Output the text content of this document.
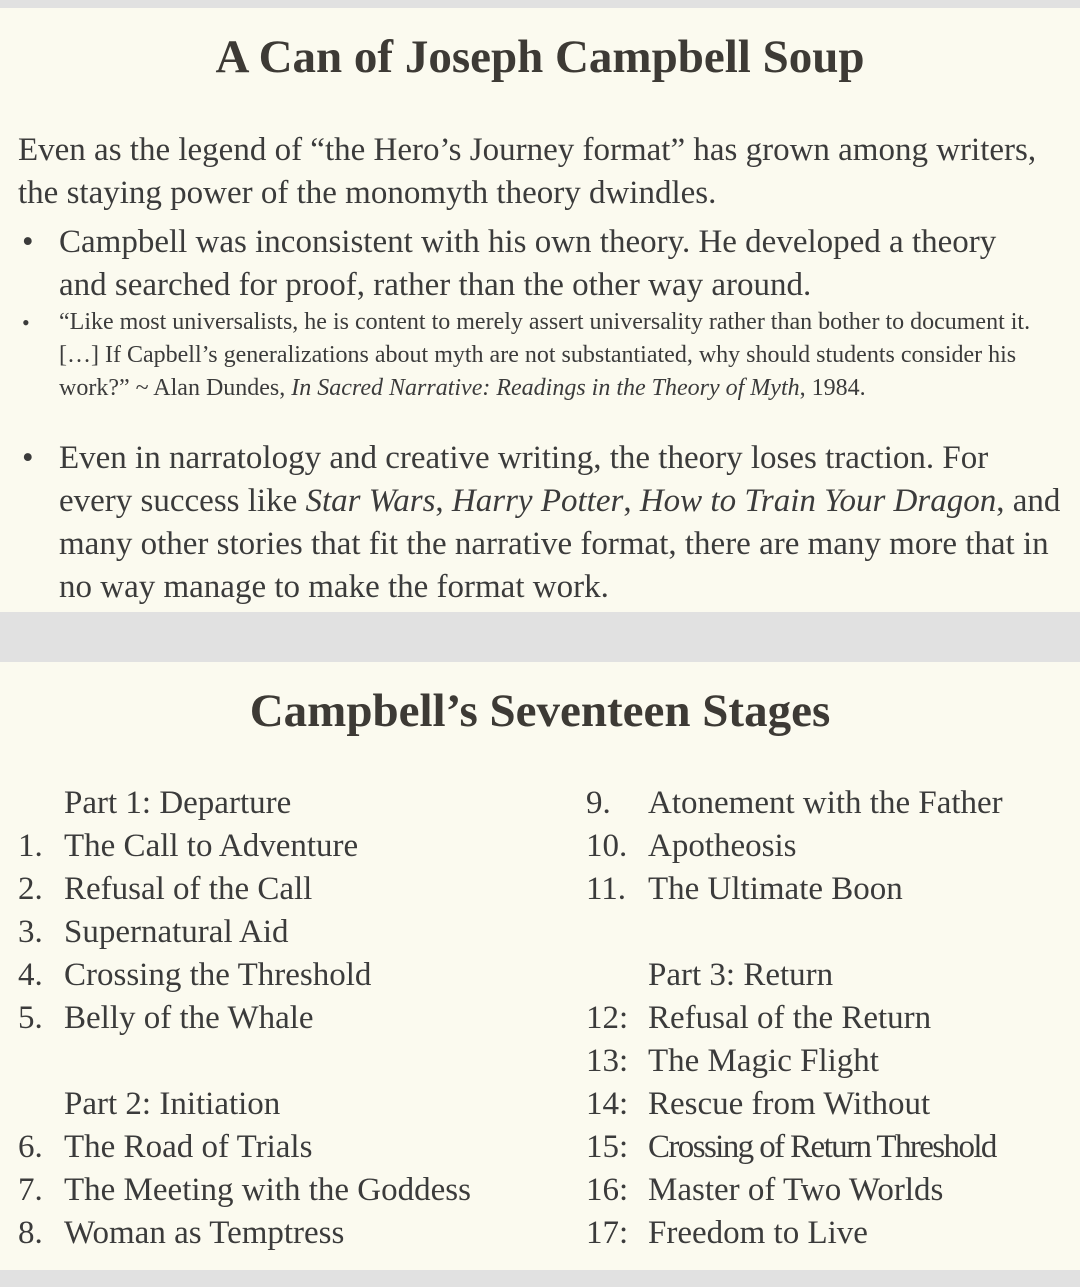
A Can of Joseph Campbell Soup

Even as the legend of “the Hero’s Journey format” has grown among writers, the staying power of the monomyth theory dwindles.

• Campbell was inconsistent with his own theory. He developed a theory and searched for proof, rather than the other way around.

• “Like most universalists, he is content to merely assert universality rather than bother to document it. […] If Capbell’s generalizations about myth are not substantiated, why should students consider his work?” ~ Alan Dundes, In Sacred Narrative: Readings in the Theory of Myth, 1984.

• Even in narratology and creative writing, the theory loses traction. For every success like Star Wars, Harry Potter, How to Train Your Dragon, and many other stories that fit the narrative format, there are many more that in no way manage to make the format work.

Campbell’s Seventeen Stages
Part 1: Departure
1. The Call to Adventure
2. Refusal of the Call
3. Supernatural Aid
4. Crossing the Threshold
5. Belly of the Whale
Part 2: Initiation
6. The Road of Trials
7. The Meeting with the Goddess
8. Woman as Temptress
9. Atonement with the Father
10. Apotheosis
11. The Ultimate Boon
Part 3: Return
12: Refusal of the Return
13: The Magic Flight
14: Rescue from Without
15: Crossing of Return Threshold
16: Master of Two Worlds
17: Freedom to Live
